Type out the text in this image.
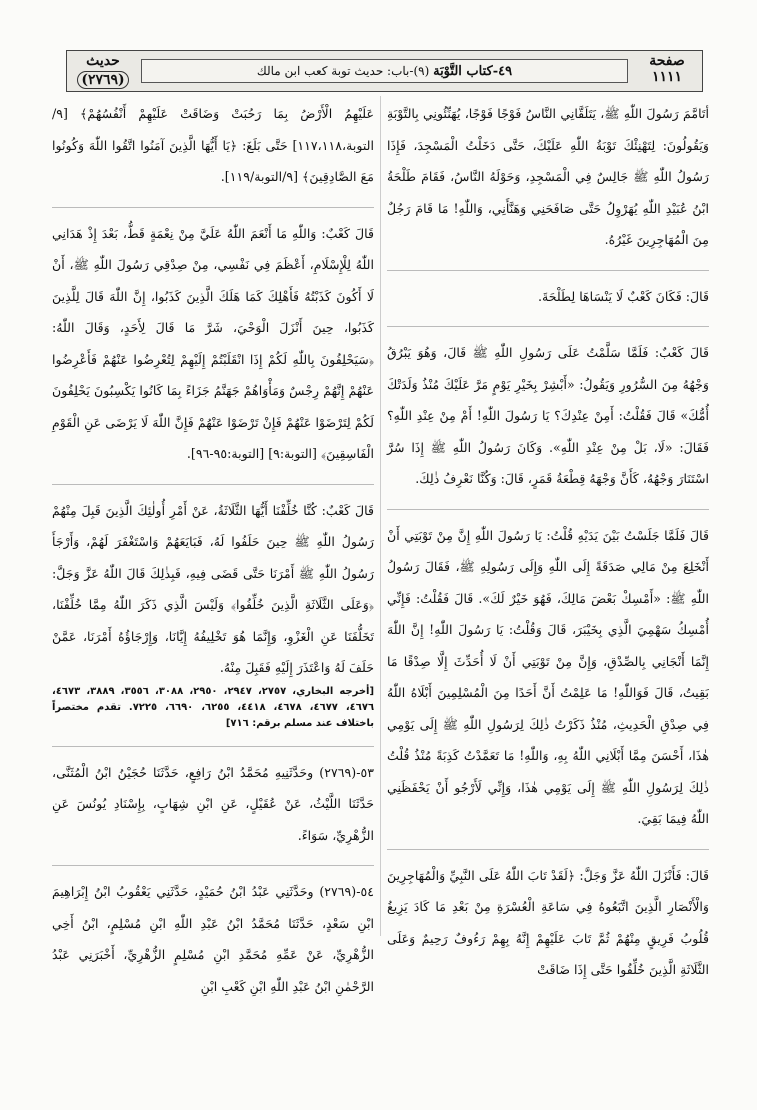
صفحة
١١١١
٤٩-كتاب التَّوْبَة (٩)-باب: حديث توبة كعب ابن مالك
حديث
(٢٧٦٩)

أتَامَّمَ رَسُولَ اللّٰهِ ﷺ، يَتَلَقَّانِي النَّاسُ فَوْجًا فَوْجًا، يُهَنِّئُونِي بِالتَّوْبَةِ وَيَقُولُونَ: لِتَهْنِئْكَ تَوْبَةُ اللّٰهِ عَلَيْكَ، حَتَّى دَخَلْتُ الْمَسْجِدَ، فَإِذَا رَسُولُ اللّٰهِ ﷺ جَالِسٌ فِي الْمَسْجِدِ، وَحَوْلَهُ النَّاسُ، فَقَامَ طَلْحَةُ ابْنُ عُبَيْدِ اللّٰهِ يُهَرْوِلُ حَتَّى صَافَحَنِي وَهَنَّأَنِي، وَاللّٰهِ! مَا قَامَ رَجُلٌ مِنَ الْمُهَاجِرِينَ غَيْرُهُ.

قَالَ: فَكَانَ كَعْبٌ لَا يَنْسَاهَا لِطَلْحَةَ.

قَالَ كَعْبٌ: فَلَمَّا سَلَّمْتُ عَلَى رَسُولِ اللّٰهِ ﷺ قَالَ، وَهُوَ يَبْرُقُ وَجْهُهُ مِنَ السُّرُورِ وَيَقُولُ: «أَبْشِرْ بِخَيْرِ يَوْمٍ مَرَّ عَلَيْكَ مُنْذُ وَلَدَتْكَ أُمُّكَ» قَالَ فَقُلْتُ: أَمِنْ عِنْدِكَ؟ يَا رَسُولَ اللّٰهِ! أَمْ مِنْ عِنْدِ اللّٰهِ؟ فَقَالَ: «لَا، بَلْ مِنْ عِنْدِ اللّٰهِ». وَكَانَ رَسُولُ اللّٰهِ ﷺ إِذَا سُرَّ اسْتَنَارَ وَجْهُهُ، كَأَنَّ وَجْهَهُ قِطْعَةُ قَمَرٍ، قَالَ: وَكُنَّا نَعْرِفُ ذٰلِكَ.

قَالَ فَلَمَّا جَلَسْتُ بَيْنَ يَدَيْهِ قُلْتُ: يَا رَسُولَ اللّٰهِ إِنَّ مِنْ تَوْبَتِي أَنْ أَنْخَلِعَ مِنْ مَالِي صَدَقَةً إِلَى اللّٰهِ وَإِلَى رَسُولِهِ ﷺ، فَقَالَ رَسُولُ اللّٰهِ ﷺ: «أَمْسِكْ بَعْضَ مَالِكَ، فَهُوَ خَيْرٌ لَكَ». قَالَ فَقُلْتُ: فَإِنِّي أُمْسِكُ سَهْمِيَ الَّذِي بِخَيْبَرَ، قَالَ وَقُلْتُ: يَا رَسُولَ اللّٰهِ! إِنَّ اللّٰهَ إِنَّمَا أَنْجَانِي بِالصِّدْقِ، وَإِنَّ مِنْ تَوْبَتِي أَنْ لَا أُحَدِّثَ إِلَّا صِدْقًا مَا بَقِيتُ، قَالَ فَوَاللّٰهِ! مَا عَلِمْتُ أَنَّ أَحَدًا مِنَ الْمُسْلِمِينَ أَبْلَاهُ اللّٰهُ فِي صِدْقِ الْحَدِيثِ، مُنْذُ ذَكَرْتُ ذٰلِكَ لِرَسُولِ اللّٰهِ ﷺ إِلَى يَوْمِي هٰذَا، أَحْسَنَ مِمَّا أَبْلَانِي اللّٰهُ بِهِ، وَاللّٰهِ! مَا تَعَمَّدْتُ كَذِبَةً مُنْذُ قُلْتُ ذٰلِكَ لِرَسُولِ اللّٰهِ ﷺ إِلَى يَوْمِي هٰذَا، وَإِنِّي لَأَرْجُو أَنْ يَحْفَظَنِي اللّٰهُ فِيمَا بَقِيَ.

قَالَ: فَأَنْزَلَ اللّٰهُ عَزَّ وَجَلَّ: ﴿لَقَدْ تَابَ اللّٰهُ عَلَى النَّبِيِّ وَالْمُهَاجِرِينَ وَالْأَنْصَارِ الَّذِينَ اتَّبَعُوهُ فِي سَاعَةِ الْعُسْرَةِ مِنْ بَعْدِ مَا كَادَ يَزِيغُ قُلُوبُ فَرِيقٍ مِنْهُمْ ثُمَّ تَابَ عَلَيْهِمْ إِنَّهُ بِهِمْ رَءُوفٌ رَحِيمٌ وَعَلَى الثَّلَاثَةِ الَّذِينَ خُلِّفُوا حَتَّى إِذَا ضَاقَتْ

عَلَيْهِمُ الْأَرْضُ بِمَا رَحُبَتْ وَضَاقَتْ عَلَيْهِمْ أَنْفُسُهُمْ﴾ [٩/التوبة،١١٧،١١٨] حَتَّى بَلَغَ: ﴿يَا أَيُّهَا الَّذِينَ آمَنُوا اتَّقُوا اللّٰهَ وَكُونُوا مَعَ الصَّادِقِينَ﴾ [٩/التوبة/١١٩].

قَالَ كَعْبٌ: وَاللّٰهِ مَا أَنْعَمَ اللّٰهُ عَلَيَّ مِنْ نِعْمَةٍ قَطُّ، بَعْدَ إِذْ هَدَانِي اللّٰهُ لِلْإِسْلَامِ، أَعْظَمَ فِي نَفْسِي، مِنْ صِدْقِي رَسُولَ اللّٰهِ ﷺ، أَنْ لَا أَكُونَ كَذَبْتُهُ فَأَهْلِكَ كَمَا هَلَكَ الَّذِينَ كَذَبُوا، إِنَّ اللّٰهَ قَالَ لِلَّذِينَ كَذَبُوا، حِينَ أَنْزَلَ الْوَحْيَ، شَرَّ مَا قَالَ لِأَحَدٍ، وَقَالَ اللّٰهُ: ﴿سَيَحْلِفُونَ بِاللّٰهِ لَكُمْ إِذَا انْقَلَبْتُمْ إِلَيْهِمْ لِتُعْرِضُوا عَنْهُمْ فَأَعْرِضُوا عَنْهُمْ إِنَّهُمْ رِجْسٌ وَمَأْوَاهُمْ جَهَنَّمُ جَزَاءً بِمَا كَانُوا يَكْسِبُونَ يَحْلِفُونَ لَكُمْ لِتَرْضَوْا عَنْهُمْ فَإِنْ تَرْضَوْا عَنْهُمْ فَإِنَّ اللّٰهَ لَا يَرْضَى عَنِ الْقَوْمِ الْفَاسِقِينَ﴾ [التوبة:٩] [التوبة:٩٥-٩٦].

قَالَ كَعْبٌ: كُنَّا خُلِّفْنَا أَيُّهَا الثَّلَاثَةُ، عَنْ أَمْرِ أُولٰئِكَ الَّذِينَ قَبِلَ مِنْهُمْ رَسُولُ اللّٰهِ ﷺ حِينَ حَلَفُوا لَهُ، فَبَايَعَهُمْ وَاسْتَغْفَرَ لَهُمْ، وَأَرْجَأَ رَسُولُ اللّٰهِ ﷺ أَمْرَنَا حَتَّى قَضَى فِيهِ، فَبِذٰلِكَ قَالَ اللّٰهُ عَزَّ وَجَلَّ: ﴿وَعَلَى الثَّلَاثَةِ الَّذِينَ خُلِّفُوا﴾ وَلَيْسَ الَّذِي ذَكَرَ اللّٰهُ مِمَّا خُلِّفْنَا، تَخَلُّفَنَا عَنِ الْغَزْوِ، وَإِنَّمَا هُوَ تَخْلِيفُهُ إِيَّانَا، وَإِرْجَاؤُهُ أَمْرَنَا، عَمَّنْ حَلَفَ لَهُ وَاعْتَذَرَ إِلَيْهِ فَقَبِلَ مِنْهُ.
[أخرجه البخاري، ٢٧٥٧، ٢٩٤٧، ٢٩٥٠، ٣٠٨٨، ٣٥٥٦، ٣٨٨٩، ٤٦٧٣، ٤٦٧٦، ٤٦٧٧، ٤٦٧٨، ٤٤١٨، ٦٢٥٥، ٦٦٩٠، ٧٢٢٥. تقدم مختصراً باختلاف عند مسلم برقم: ٧١٦]

٥٣-(٢٧٦٩) وحَدَّثَنِيهِ مُحَمَّدُ ابْنُ رَافِعٍ، حَدَّثَنَا حُجَيْنُ ابْنُ الْمُثَنَّى، حَدَّثَنَا اللَّيْثُ، عَنْ عُقَيْلٍ، عَنِ ابْنِ شِهَابٍ، بِإِسْنَادِ يُونُسَ عَنِ الزُّهْرِيِّ، سَوَاءً.

٥٤-(٢٧٦٩) وحَدَّثَنِي عَبْدُ ابْنُ حُمَيْدٍ، حَدَّثَنِي يَعْقُوبُ ابْنُ إِبْرَاهِيمَ ابْنِ سَعْدٍ، حَدَّثَنَا مُحَمَّدُ ابْنُ عَبْدِ اللّٰهِ ابْنِ مُسْلِمٍ، ابْنُ أَخِي الزُّهْرِيِّ، عَنْ عَمِّهِ مُحَمَّدِ ابْنِ مُسْلِمٍ الزُّهْرِيِّ، أَخْبَرَنِي عَبْدُ الرَّحْمٰنِ ابْنُ عَبْدِ اللّٰهِ ابْنِ كَعْبِ ابْنِ
